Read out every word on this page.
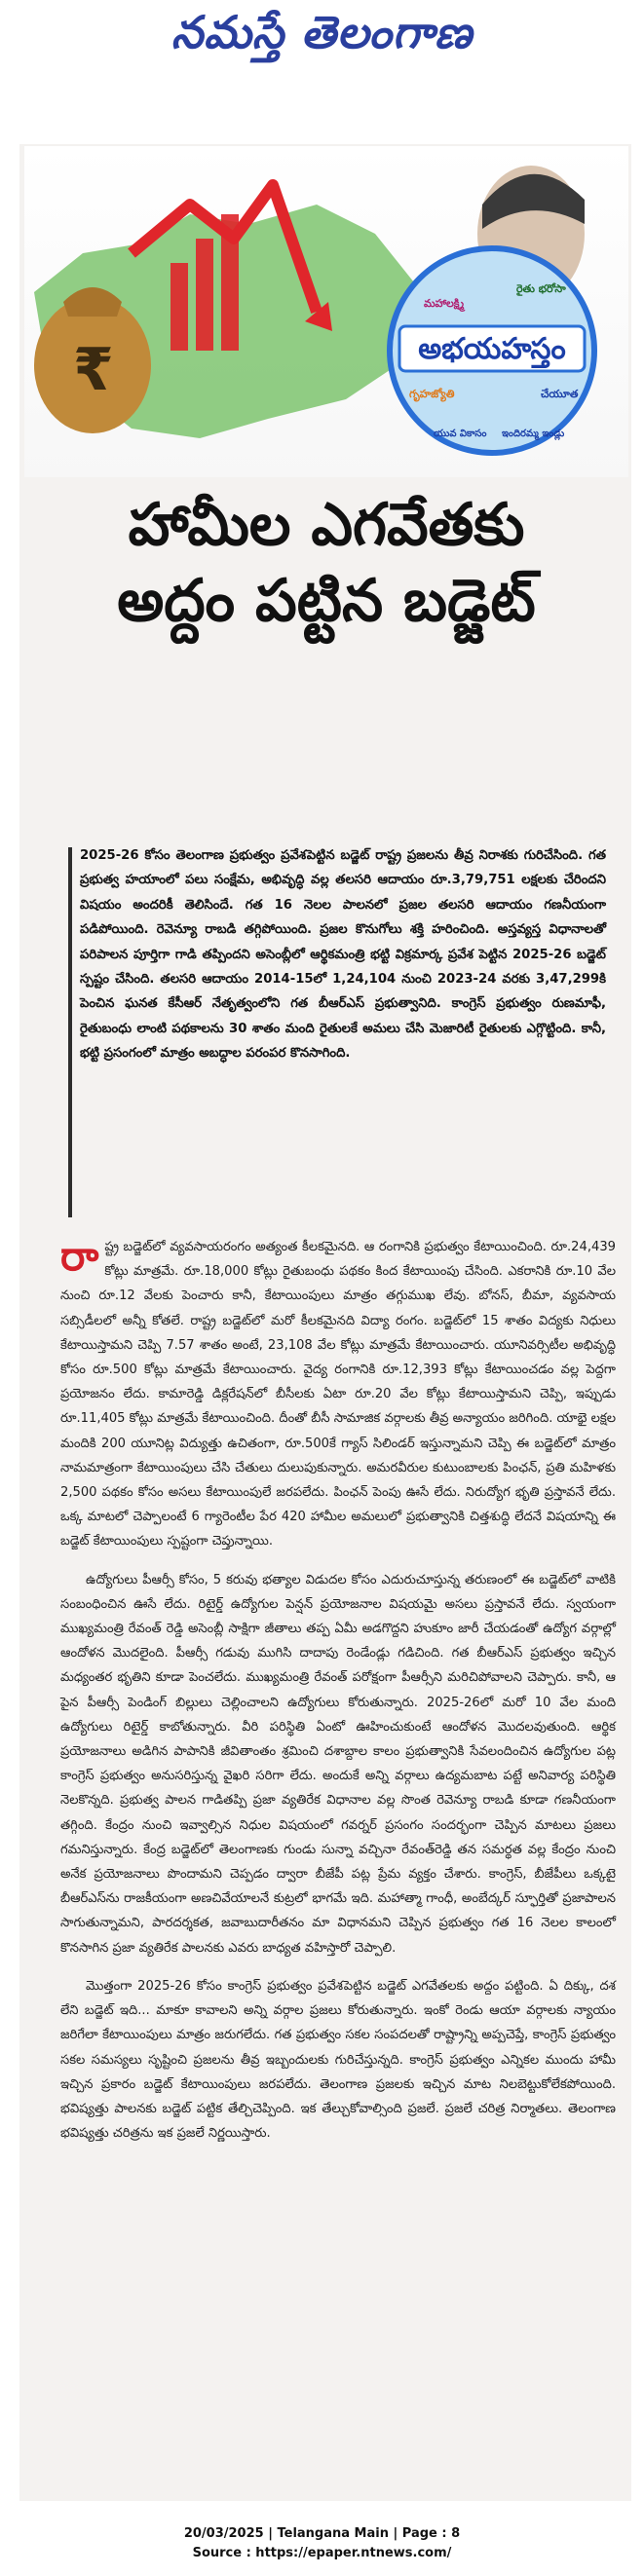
నమస్తే తెలంగాణ
₹	అభయహస్తం
మహాలక్ష్మి
రైతు భరోసా
గృహజ్యోతి	చేయూత
యువ వికాసం ఇందిరమ్మ ఇండ్లు
హామీల ఎగవేతకు
అద్దం పట్టిన బడ్జెట్
2025-26 కోసం తెలంగాణ ప్రభుత్వం ప్రవేశపెట్టిన బడ్జెట్ రాష్ట్ర ప్రజలను తీవ్ర నిరాశకు గురిచేసింది. గత ప్రభుత్వ హయాంలో పలు సంక్షేమ, అభివృద్ధి వల్ల తలసరి ఆదాయం రూ.3,79,751 లక్షలకు చేరిందని విషయం అందరికీ తెలిసిందే. గత 16 నెలల పాలనలో ప్రజల తలసరి ఆదాయం గణనీయంగా పడిపోయింది. రెవెన్యూ రాబడి తగ్గిపోయింది. ప్రజల కొనుగోలు శక్తి హరించింది. అస్తవ్యస్త విధానాలతో పరిపాలన పూర్తిగా గాడి తప్పిందని అసెంబ్లీలో ఆర్థికమంత్రి భట్టి విక్రమార్క ప్రవేశ పెట్టిన 2025-26 బడ్జెట్ స్పష్టం చేసింది. తలసరి ఆదాయం 2014-15లో 1,24,104 నుంచి 2023-24 వరకు 3,47,299కి పెంచిన ఘనత కేసీఆర్ నేతృత్వంలోని గత బీఆర్ఎస్ ప్రభుత్వానిది. కాంగ్రెస్ ప్రభుత్వం రుణమాఫీ, రైతుబంధు లాంటి పథకాలను 30 శాతం మంది రైతులకే అమలు చేసి మెజారిటీ రైతులకు ఎగ్గొట్టింది. కానీ, భట్టి ప్రసంగంలో మాత్రం అబద్ధాల పరంపర కొనసాగింది.

రాష్ట్ర బడ్జెట్‌లో వ్యవసాయరంగం అత్యంత కీలకమైనది. ఆ రంగానికి ప్రభుత్వం కేటాయించింది. రూ.24,439 కోట్లు మాత్రమే. రూ.18,000 కోట్లు రైతుబంధు పథకం కింద కేటాయింపు చేసింది. ఎకరానికి రూ.10 వేల నుంచి రూ.12 వేలకు పెంచారు కానీ, కేటాయింపులు మాత్రం తగ్గుముఖ లేవు. బోనస్, బీమా, వ్యవసాయ సబ్సిడీలలో అన్నీ కోతలే. రాష్ట్ర బడ్జెట్‌లో మరో కీలకమైనది విద్యా రంగం. బడ్జెట్‌లో 15 శాతం విద్యకు నిధులు కేటాయిస్తామని చెప్పి 7.57 శాతం అంటే, 23,108 వేల కోట్లు మాత్రమే కేటాయించారు. యూనివర్సిటీల అభివృద్ధి కోసం రూ.500 కోట్లు మాత్రమే కేటాయించారు. వైద్య రంగానికి రూ.12,393 కోట్లు కేటాయించడం వల్ల పెద్దగా ప్రయోజనం లేదు. కామారెడ్డి డిక్లరేషన్‌లో బీసీలకు ఏటా రూ.20 వేల కోట్లు కేటాయిస్తామని చెప్పి, ఇప్పుడు రూ.11,405 కోట్లు మాత్రమే కేటాయించింది. దీంతో బీసీ సామాజిక వర్గాలకు తీవ్ర అన్యాయం జరిగింది. యాభై లక్షల మందికి 200 యూనిట్ల విద్యుత్తు ఉచితంగా, రూ.500కే గ్యాస్ సిలిండర్ ఇస్తున్నామని చెప్పి ఈ బడ్జెట్‌లో మాత్రం నామమాత్రంగా కేటాయింపులు చేసి చేతులు దులుపుకున్నారు. అమరవీరుల కుటుంబాలకు పింఛన్, ప్రతి మహిళకు 2,500 పథకం కోసం అసలు కేటాయింపులే జరపలేదు. పింఛన్ పెంపు ఊసే లేదు. నిరుద్యోగ భృతి ప్రస్తావనే లేదు. ఒక్క మాటలో చెప్పాలంటే 6 గ్యారెంటీల పేర 420 హామీల అమలులో ప్రభుత్వానికి చిత్తశుద్ధి లేదనే విషయాన్ని ఈ బడ్జెట్ కేటాయింపులు స్పష్టంగా చెప్తున్నాయి.

ఉద్యోగులు పీఆర్సీ కోసం, 5 కరువు భత్యాల విడుదల కోసం ఎదురుచూస్తున్న తరుణంలో ఈ బడ్జెట్‌లో వాటికి సంబంధించిన ఊసే లేదు. రిటైర్డ్ ఉద్యోగుల పెన్షన్ ప్రయోజనాల విషయమై అసలు ప్రస్తావనే లేదు. స్వయంగా ముఖ్యమంత్రి రేవంత్ రెడ్డి అసెంబ్లీ సాక్షిగా జీతాలు తప్ప ఏమీ అడగొద్దని హుకూం జారీ చేయడంతో ఉద్యోగ వర్గాల్లో ఆందోళన మొదలైంది. పీఆర్సీ గడువు ముగిసి దాదాపు రెండేండ్లు గడిచింది. గత బీఆర్ఎస్ ప్రభుత్వం ఇచ్చిన మధ్యంతర భృతిని కూడా పెంచలేదు. ముఖ్యమంత్రి రేవంత్ పరోక్షంగా పీఆర్సీని మరిచిపోవాలని చెప్పారు. కానీ, ఆ పైన పీఆర్సీ పెండింగ్ బిల్లులు చెల్లించాలని ఉద్యోగులు కోరుతున్నారు. 2025-26లో మరో 10 వేల మంది ఉద్యోగులు రిటైర్డ్ కాబోతున్నారు. వీరి పరిస్థితి ఏంటో ఊహించుకుంటే ఆందోళన మొదలవుతుంది. ఆర్థిక ప్రయోజనాలు అడిగిన పాపానికి జీవితాంతం శ్రమించి దశాబ్దాల కాలం ప్రభుత్వానికి సేవలందించిన ఉద్యోగుల పట్ల కాంగ్రెస్ ప్రభుత్వం అనుసరిస్తున్న వైఖరి సరిగా లేదు. అందుకే అన్ని వర్గాలు ఉద్యమబాట పట్టే అనివార్య పరిస్థితి నెలకొన్నది. ప్రభుత్వ పాలన గాడితప్పి ప్రజా వ్యతిరేక విధానాల వల్ల సొంత రెవెన్యూ రాబడి కూడా గణనీయంగా తగ్గింది. కేంద్రం నుంచి ఇవ్వాల్సిన నిధుల విషయంలో గవర్నర్ ప్రసంగం సందర్భంగా చెప్పిన మాటలు ప్రజలు గమనిస్తున్నారు. కేంద్ర బడ్జెట్‌లో తెలంగాణకు గుండు సున్నా వచ్చినా రేవంత్‌రెడ్డి తన సమర్థత వల్ల కేంద్రం నుంచి అనేక ప్రయోజనాలు పొందామని చెప్పడం ద్వారా బీజేపీ పట్ల ప్రేమ వ్యక్తం చేశారు. కాంగ్రెస్, బీజేపీలు ఒక్కటై బీఆర్ఎస్‌ను రాజకీయంగా అణచివేయాలనే కుట్రలో భాగమే ఇది. మహాత్మా గాంధీ, అంబేద్కర్ స్ఫూర్తితో ప్రజాపాలన సాగుతున్నామని, పారదర్శకత, జవాబుదారీతనం మా విధానమని చెప్పిన ప్రభుత్వం గత 16 నెలల కాలంలో కొనసాగిన ప్రజా వ్యతిరేక పాలనకు ఎవరు బాధ్యత వహిస్తారో చెప్పాలి.

మొత్తంగా 2025-26 కోసం కాంగ్రెస్ ప్రభుత్వం ప్రవేశపెట్టిన బడ్జెట్ ఎగవేతలకు అద్దం పట్టింది. ఏ దిక్కు, దశ లేని బడ్జెట్ ఇది... మాకూ కావాలని అన్ని వర్గాల ప్రజలు కోరుతున్నారు. ఇంకో రెండు ఆయా వర్గాలకు న్యాయం జరిగేలా కేటాయింపులు మాత్రం జరుగలేదు. గత ప్రభుత్వం సకల సంపదలతో రాష్ట్రాన్ని అప్పచెప్తే, కాంగ్రెస్ ప్రభుత్వం సకల సమస్యలు సృష్టించి ప్రజలను తీవ్ర ఇబ్బందులకు గురిచేస్తున్నది. కాంగ్రెస్ ప్రభుత్వం ఎన్నికల ముందు హామీ ఇచ్చిన ప్రకారం బడ్జెట్ కేటాయింపులు జరపలేదు. తెలంగాణ ప్రజలకు ఇచ్చిన మాట నిలబెట్టుకోలేకపోయింది. భవిష్యత్తు పాలనకు బడ్జెట్ పట్టిక తేల్చిచెప్పింది. ఇక తేల్చుకోవాల్సింది ప్రజలే. ప్రజలే చరిత్ర నిర్మాతలు. తెలంగాణ భవిష్యత్తు చరిత్రను ఇక ప్రజలే నిర్ణయిస్తారు.

20/03/2025 | Telangana Main | Page : 8
Source : https://epaper.ntnews.com/
